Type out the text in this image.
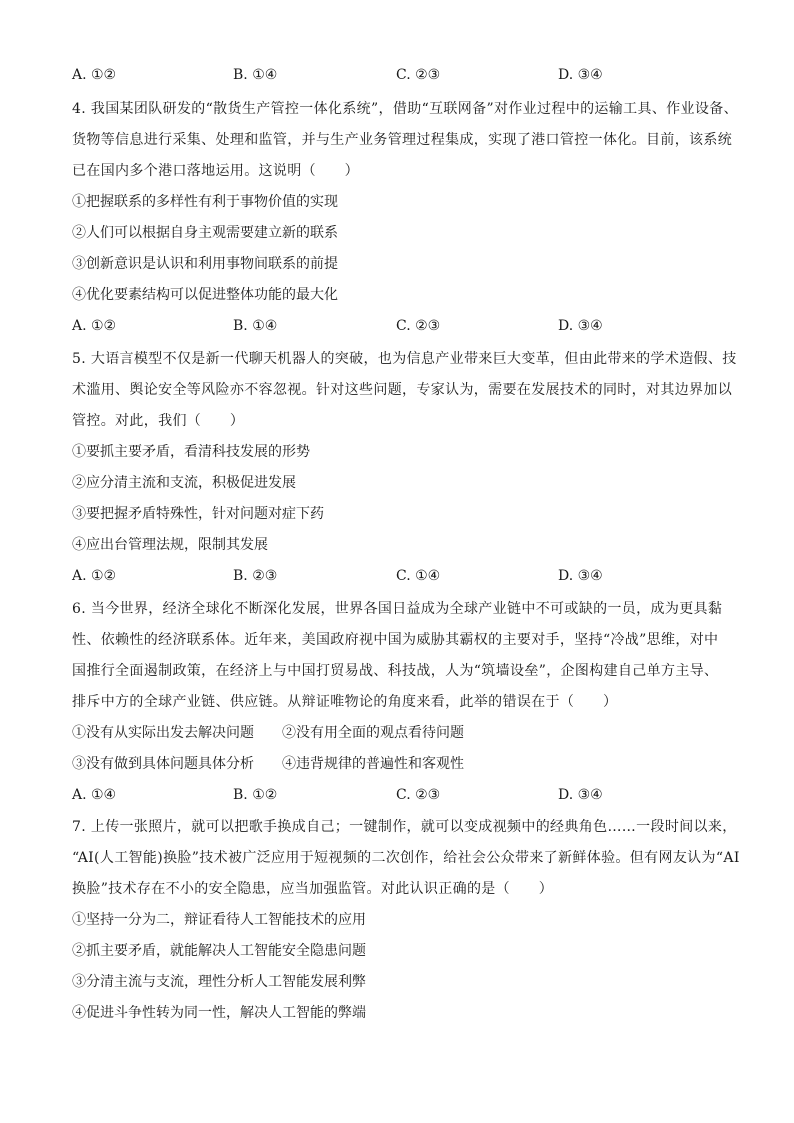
A. ①②	B. ①④	C. ②③	D. ③④
4. 我国某团队研发的“散货生产管控一体化系统”，借助“互联网备”对作业过程中的运输工具、作业设备、
货物等信息进行采集、处理和监管，并与生产业务管理过程集成，实现了港口管控一体化。目前，该系统
已在国内多个港口落地运用。这说明（　　）
①把握联系的多样性有利于事物价值的实现
②人们可以根据自身主观需要建立新的联系
③创新意识是认识和利用事物间联系的前提
④优化要素结构可以促进整体功能的最大化
A. ①②	B. ①④	C. ②③	D. ③④
5. 大语言模型不仅是新一代聊天机器人的突破，也为信息产业带来巨大变革，但由此带来的学术造假、技
术滥用、舆论安全等风险亦不容忽视。针对这些问题，专家认为，需要在发展技术的同时，对其边界加以
管控。对此，我们（　　）
①要抓主要矛盾，看清科技发展的形势
②应分清主流和支流，积极促进发展
③要把握矛盾特殊性，针对问题对症下药
④应出台管理法规，限制其发展
A. ①②	B. ②③	C. ①④	D. ③④
6. 当今世界，经济全球化不断深化发展，世界各国日益成为全球产业链中不可或缺的一员，成为更具黏
性、依赖性的经济联系体。近年来，美国政府视中国为威胁其霸权的主要对手，坚持“冷战”思维，对中
国推行全面遏制政策，在经济上与中国打贸易战、科技战，人为“筑墙设垒”，企图构建自己单方主导、
排斥中方的全球产业链、供应链。从辩证唯物论的角度来看，此举的错误在于（　　）
①没有从实际出发去解决问题　　②没有用全面的观点看待问题
③没有做到具体问题具体分析　　④违背规律的普遍性和客观性
A. ①④	B. ①②	C. ②③	D. ③④
7. 上传一张照片，就可以把歌手换成自己；一键制作，就可以变成视频中的经典角色……一段时间以来，
“AI(人工智能)换脸”技术被广泛应用于短视频的二次创作，给社会公众带来了新鲜体验。但有网友认为“AI
换脸”技术存在不小的安全隐患，应当加强监管。对此认识正确的是（　　）
①坚持一分为二，辩证看待人工智能技术的应用
②抓主要矛盾，就能解决人工智能安全隐患问题
③分清主流与支流，理性分析人工智能发展利弊
④促进斗争性转为同一性，解决人工智能的弊端
